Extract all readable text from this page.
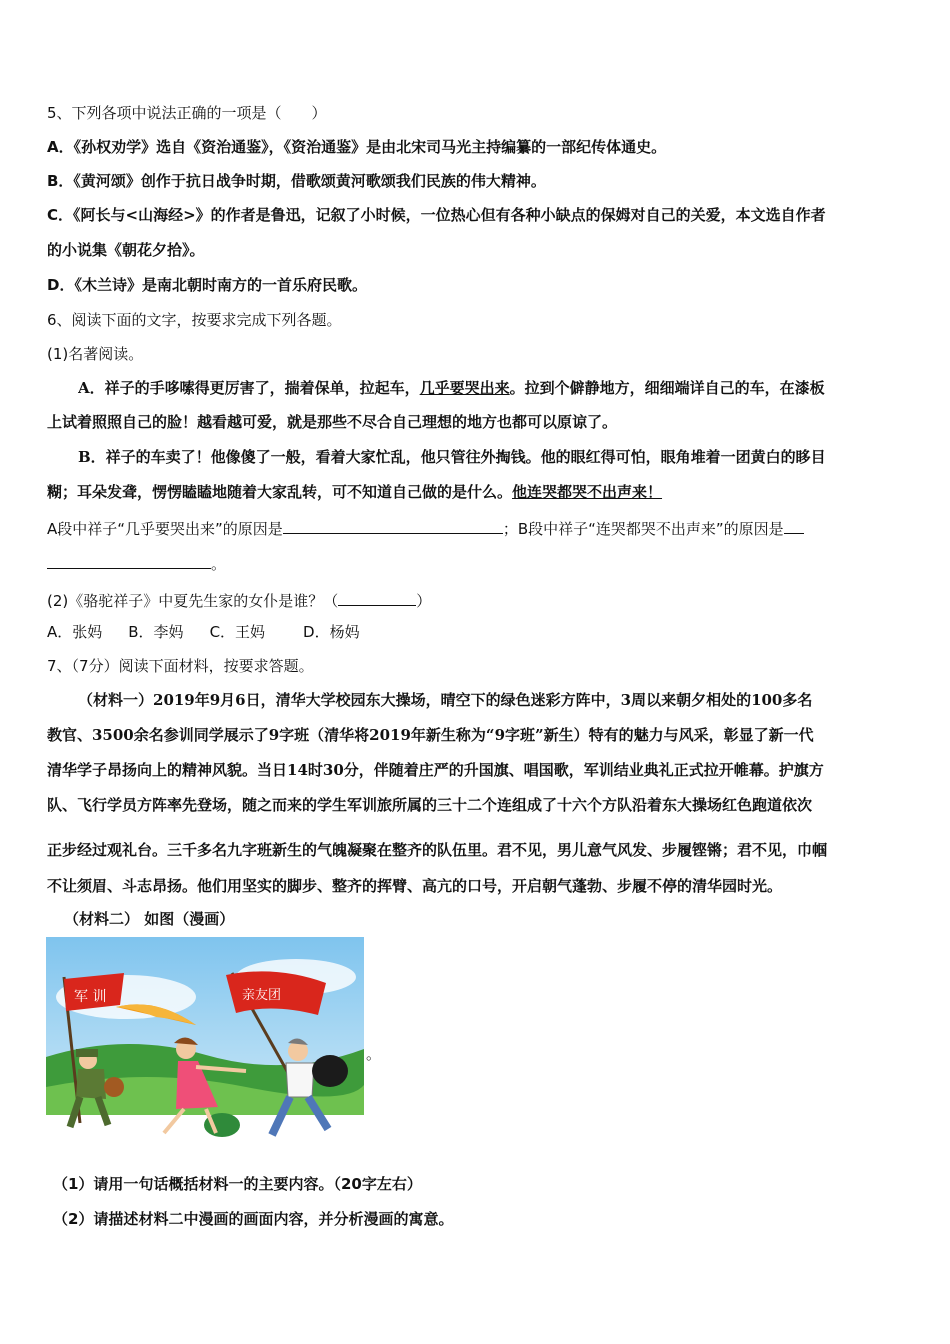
5、下列各项中说法正确的一项是（　　）
A．《孙权劝学》选自《资治通鉴》，《资治通鉴》是由北宋司马光主持编纂的一部纪传体通史。
B．《黄河颂》创作于抗日战争时期，借歌颂黄河歌颂我们民族的伟大精神。
C．《阿长与<山海经>》的作者是鲁迅，记叙了小时候，一位热心但有各种小缺点的保姆对自己的关爱，本文选自作者
的小说集《朝花夕拾》。
D．《木兰诗》是南北朝时南方的一首乐府民歌。
6、阅读下面的文字，按要求完成下列各题。
(1)名著阅读。
A．祥子的手哆嗦得更厉害了，揣着保单，拉起车，几乎要哭出来。拉到个僻静地方，细细端详自己的车，在漆板
上试着照照自己的脸！越看越可爱，就是那些不尽合自己理想的地方也都可以原谅了。
B．祥子的车卖了！他像傻了一般，看着大家忙乱，他只管往外掏钱。他的眼红得可怕，眼角堆着一团黄白的眵目
糊；耳朵发聋，愣愣瞌瞌地随着大家乱转，可不知道自己做的是什么。他连哭都哭不出声来！
A段中祥子“几乎要哭出来”的原因是	；B段中祥子“连哭都哭不出声来”的原因是
。
(2)《骆驼祥子》中夏先生家的女仆是谁？（	）
A．张妈 B．李妈 C．王妈	D．杨妈
7、（7分）阅读下面材料，按要求答题。
（材料一）2019年9月6日，清华大学校园东大操场，晴空下的绿色迷彩方阵中，3周以来朝夕相处的100多名
教官、3500余名参训同学展示了9字班（清华将2019年新生称为“9字班”新生）特有的魅力与风采，彰显了新一代
清华学子昂扬向上的精神风貌。当日14时30分，伴随着庄严的升国旗、唱国歌，军训结业典礼正式拉开帷幕。护旗方
队、飞行学员方阵率先登场，随之而来的学生军训旅所属的三十二个连组成了十六个方队沿着东大操场红色跑道依次
正步经过观礼台。三千多名九字班新生的气魄凝聚在整齐的队伍里。君不见，男儿意气风发、步履铿锵；君不见，巾帼
不让须眉、斗志昂扬。他们用坚实的脚步、整齐的挥臂、高亢的口号，开启朝气蓬勃、步履不停的清华园时光。
（材料二） 如图（漫画）
军 训	亲友团
。
（1）请用一句话概括材料一的主要内容。（20字左右）
（2）请描述材料二中漫画的画面内容，并分析漫画的寓意。
